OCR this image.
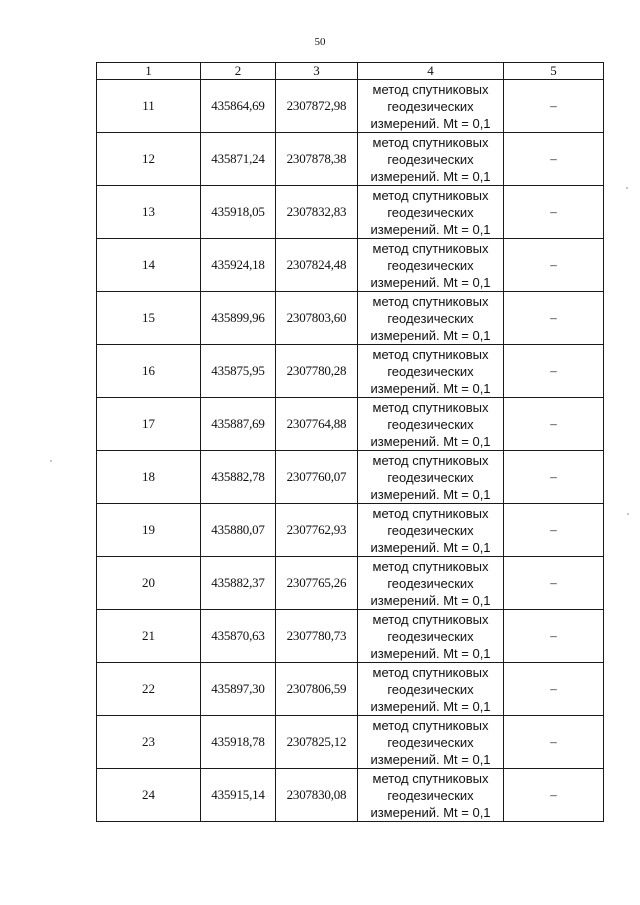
50
1	2	3	4	5
11	435864,69	2307872,98	метод спутниковых
геодезических
измерений. Mt = 0,1	–
12	435871,24	2307878,38	метод спутниковых
геодезических
измерений. Mt = 0,1	–
13	435918,05	2307832,83	метод спутниковых
геодезических
измерений. Mt = 0,1	–
14	435924,18	2307824,48	метод спутниковых
геодезических
измерений. Mt = 0,1	–
15	435899,96	2307803,60	метод спутниковых
геодезических
измерений. Mt = 0,1	–
16	435875,95	2307780,28	метод спутниковых
геодезических
измерений. Mt = 0,1	–
17	435887,69	2307764,88	метод спутниковых
геодезических
измерений. Mt = 0,1	–
18	435882,78	2307760,07	метод спутниковых
геодезических
измерений. Mt = 0,1	–
19	435880,07	2307762,93	метод спутниковых
геодезических
измерений. Mt = 0,1	–
20	435882,37	2307765,26	метод спутниковых
геодезических
измерений. Mt = 0,1	–
21	435870,63	2307780,73	метод спутниковых
геодезических
измерений. Mt = 0,1	–
22	435897,30	2307806,59	метод спутниковых
геодезических
измерений. Mt = 0,1	–
23	435918,78	2307825,12	метод спутниковых
геодезических
измерений. Mt = 0,1	–
24	435915,14	2307830,08	метод спутниковых
геодезических
измерений. Mt = 0,1	–
